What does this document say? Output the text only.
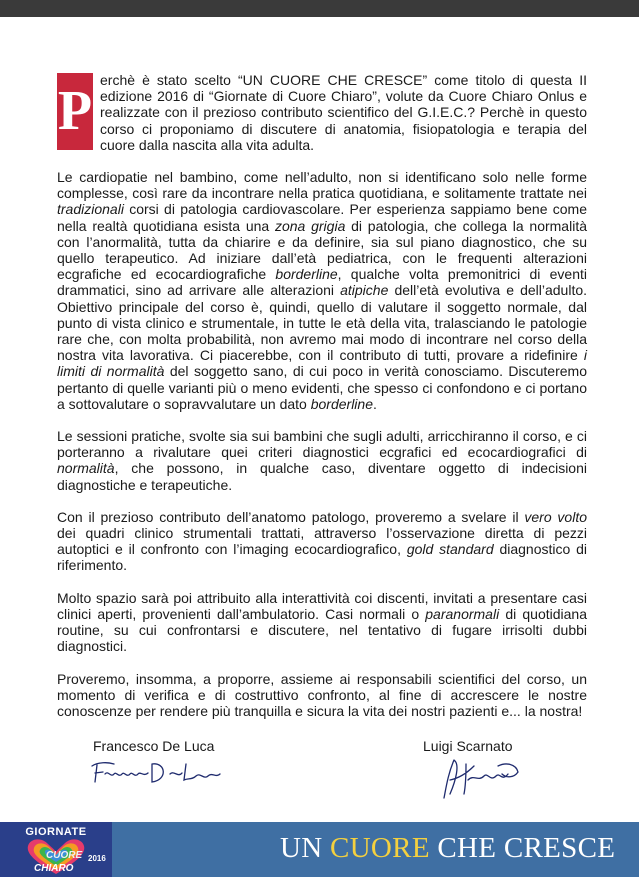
P erchè è stato scelto “UN CUORE CHE CRESCE” come titolo di questa II edizione 2016 di “Giornate di Cuore Chiaro”, volute da Cuore Chiaro Onlus e realizzate con il prezioso contributo scientifico del G.I.E.C.? Perchè in questo corso ci proponiamo di discutere di anatomia, fisiopatologia e terapia del cuore dalla nascita alla vita adulta.

Le cardiopatie nel bambino, come nell’adulto, non si identificano solo nelle forme complesse, così rare da incontrare nella pratica quotidiana, e solitamente trattate nei tradizionali corsi di patologia cardiovascolare. Per esperienza sappiamo bene come nella realtà quotidiana esista una zona grigia di patologia, che collega la normalità con l’anormalità, tutta da chiarire e da definire, sia sul piano diagnostico, che su quello terapeutico. Ad iniziare dall’età pediatrica, con le frequenti alterazioni ecgrafiche ed ecocardiografiche borderline, qualche volta premonitrici di eventi drammatici, sino ad arrivare alle alterazioni atipiche dell’età evolutiva e dell’adulto. Obiettivo principale del corso è, quindi, quello di valutare il soggetto normale, dal punto di vista clinico e strumentale, in tutte le età della vita, tralasciando le patologie rare che, con molta probabilità, non avremo mai modo di incontrare nel corso della nostra vita lavorativa. Ci piacerebbe, con il contributo di tutti, provare a ridefinire i limiti di normalità del soggetto sano, di cui poco in verità conosciamo. Discuteremo pertanto di quelle varianti più o meno evidenti, che spesso ci confondono e ci portano a sottovalutare o sopravvalutare un dato borderline.

Le sessioni pratiche, svolte sia sui bambini che sugli adulti, arricchiranno il corso, e ci porteranno a rivalutare quei criteri diagnostici ecgrafici ed ecocardiografici di normalità, che possono, in qualche caso, diventare oggetto di indecisioni diagnostiche e terapeutiche.

Con il prezioso contributo dell’anatomo patologo, proveremo a svelare il vero volto dei quadri clinico strumentali trattati, attraverso l’osservazione diretta di pezzi autoptici e il confronto con l’imaging ecocardiografico, gold standard diagnostico di riferimento.

Molto spazio sarà poi attribuito alla interattività coi discenti, invitati a presentare casi clinici aperti, provenienti dall’ambulatorio. Casi normali o paranormali di quotidiana routine, su cui confrontarsi e discutere, nel tentativo di fugare irrisolti dubbi diagnostici.

Proveremo, insomma, a proporre, assieme ai responsabili scientifici del corso, un momento di verifica e di costruttivo confronto, al fine di accrescere le nostre conoscenze per rendere più tranquilla e sicura la vita dei nostri pazienti e... la nostra!

Francesco De Luca	Luigi Scarnato
UN CUORE CHE CRESCE
GIORNATE
CUORE
CHIARO
2016
